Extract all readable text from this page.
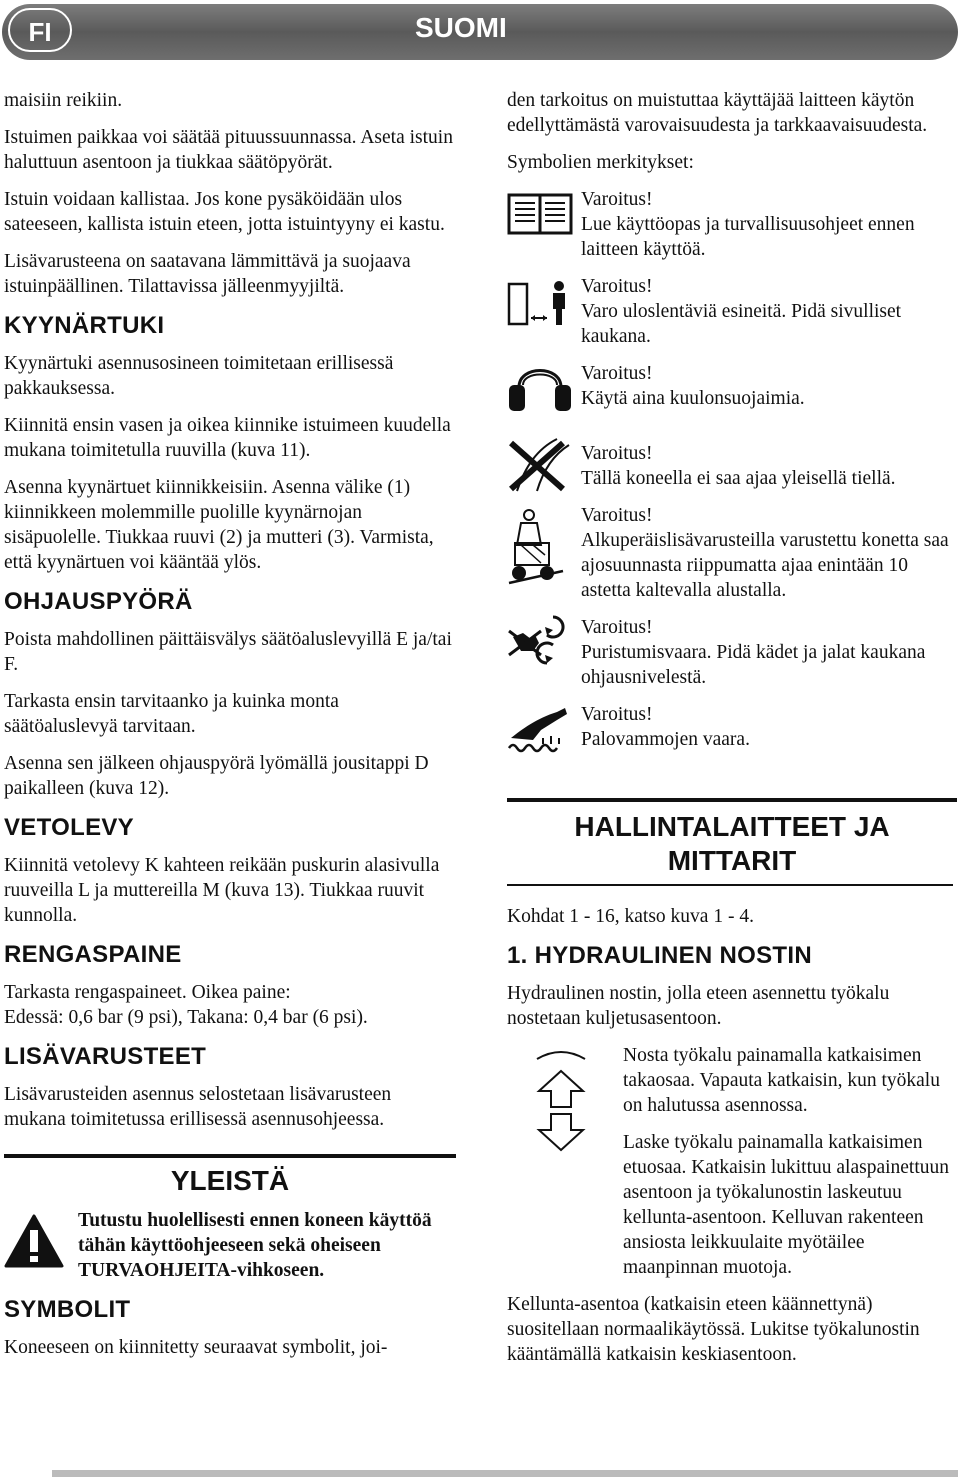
FI	SUOMI

maisiin reikiin.

Istuimen paikkaa voi säätää pituussuunnassa. Aseta istuin haluttuun asentoon ja tiukkaa säätöpyörät.

Istuin voidaan kallistaa. Jos kone pysäköidään ulos sateeseen, kallista istuin eteen, jotta istuintyyny ei kastu.

Lisävarusteena on saatavana lämmittävä ja suojaava istuinpäällinen. Tilattavissa jälleenmyyjiltä.

KYYNÄRTUKI

Kyynärtuki asennusosineen toimitetaan erillisessä pakkauksessa.

Kiinnitä ensin vasen ja oikea kiinnike istuimeen kuudella mukana toimitetulla ruuvilla (kuva 11).

Asenna kyynärtuet kiinnikkeisiin. Asenna välike (1) kiinnikkeen molemmille puolille kyynärnojan sisäpuolelle. Tiukkaa ruuvi (2) ja mutteri (3). Varmista, että kyynärtuen voi kääntää ylös.

OHJAUSPYÖRÄ

Poista mahdollinen päittäisvälys säätöaluslevyillä E ja/tai F.

Tarkasta ensin tarvitaanko ja kuinka monta säätöaluslevyä tarvitaan.

Asenna sen jälkeen ohjauspyörä lyömällä jousitappi D paikalleen (kuva 12).

VETOLEVY

Kiinnitä vetolevy K kahteen reikään puskurin alasivulla ruuveilla L ja muttereilla M (kuva 13). Tiukkaa ruuvit kunnolla.

RENGASPAINE

Tarkasta rengaspaineet. Oikea paine:

Edessä: 0,6 bar (9 psi), Takana: 0,4 bar (6 psi).

LISÄVARUSTEET

Lisävarusteiden asennus selostetaan lisävarusteen mukana toimitetussa erillisessä asennusohjeessa.

YLEISTÄ
Tutustu huolellisesti ennen koneen käyttöä tähän käyttöohjeeseen sekä oheiseen TURVAOHJEITA-vihkoseen.
SYMBOLIT

Koneeseen on kiinnitetty seuraavat symbolit, joi-

den tarkoitus on muistuttaa käyttäjää laitteen käytön edellyttämästä varovaisuudesta ja tarkkaavaisuudesta.

Symbolien merkitykset:

Varoitus!

Lue käyttöopas ja turvallisuusohjeet ennen laitteen käyttöä.

Varoitus!

Varo uloslentäviä esineitä. Pidä sivulliset kaukana.

Varoitus!

Käytä aina kuulonsuojaimia.

Varoitus!

Tällä koneella ei saa ajaa yleisellä tiellä.

Varoitus!

Alkuperäislisävarusteilla varustettu konetta saa ajosuunnasta riippumatta ajaa enintään 10 astetta kaltevalla alustalla.

Varoitus!

Puristumisvaara. Pidä kädet ja jalat kaukana ohjausnivelestä.

Varoitus!

Palovammojen vaara.

HALLINTALAITTEET JA MITTARIT

Kohdat 1 - 16, katso kuva 1 - 4.

1. HYDRAULINEN NOSTIN

Hydraulinen nostin, jolla eteen asennettu työkalu nostetaan kuljetusasentoon.

Nosta työkalu painamalla katkaisimen takaosaa. Vapauta katkaisin, kun työkalu on halutussa asennossa.

Laske työkalu painamalla katkaisimen etuosaa. Katkaisin lukittuu alaspainettuun asentoon ja työkalunostin laskeutuu kellunta-asentoon. Kelluvan rakenteen ansiosta leikkuulaite myötäilee maanpinnan muotoja.

Kellunta-asentoa (katkaisin eteen käännettynä) suositellaan normaalikäytössä. Lukitse työkalunostin kääntämällä katkaisin keskiasentoon.
